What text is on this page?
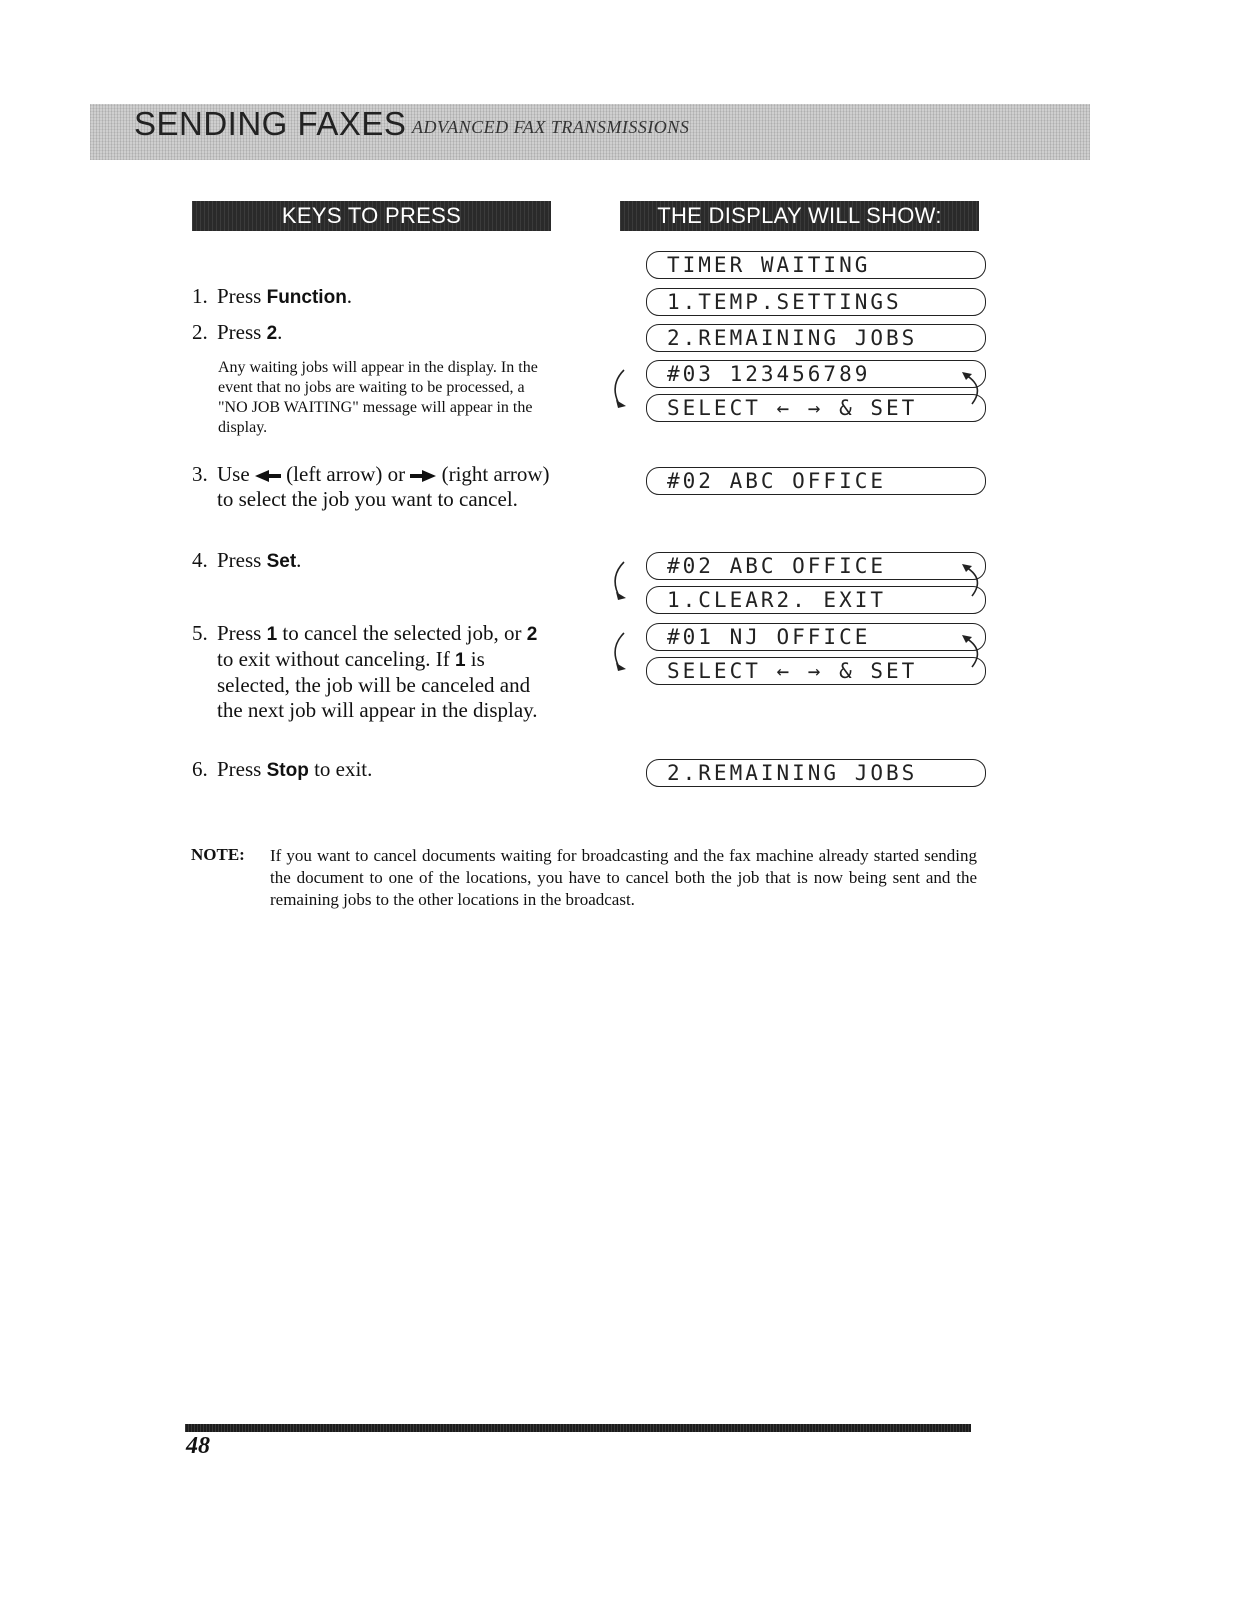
SENDING FAXES ADVANCED FAX TRANSMISSIONS
KEYS TO PRESS	THE DISPLAY WILL SHOW:
1. Press Function.
2. Press 2.
Any waiting jobs will appear in the display. In the event that no jobs are waiting to be processed, a "NO JOB WAITING" message will appear in the display.
3. Use  (left arrow) or  (right arrow) to select the job you want to cancel.
4. Press Set.
5. Press 1 to cancel the selected job, or 2 to exit without canceling. If 1 is selected, the job will be canceled and the next job will appear in the display.
6. Press Stop to exit.
TIMER WAITING
1.TEMP.SETTINGS
2.REMAINING JOBS
#03 123456789
SELECT ← → & SET
#02 ABC OFFICE
#02 ABC OFFICE
1.CLEAR2. EXIT
#01 NJ OFFICE
SELECT ← → & SET
2.REMAINING JOBS
NOTE: If you want to cancel documents waiting for broadcasting and the fax machine already started sending the document to one of the locations, you have to cancel both the job that is now being sent and the remaining jobs to the other locations in the broadcast.
48
